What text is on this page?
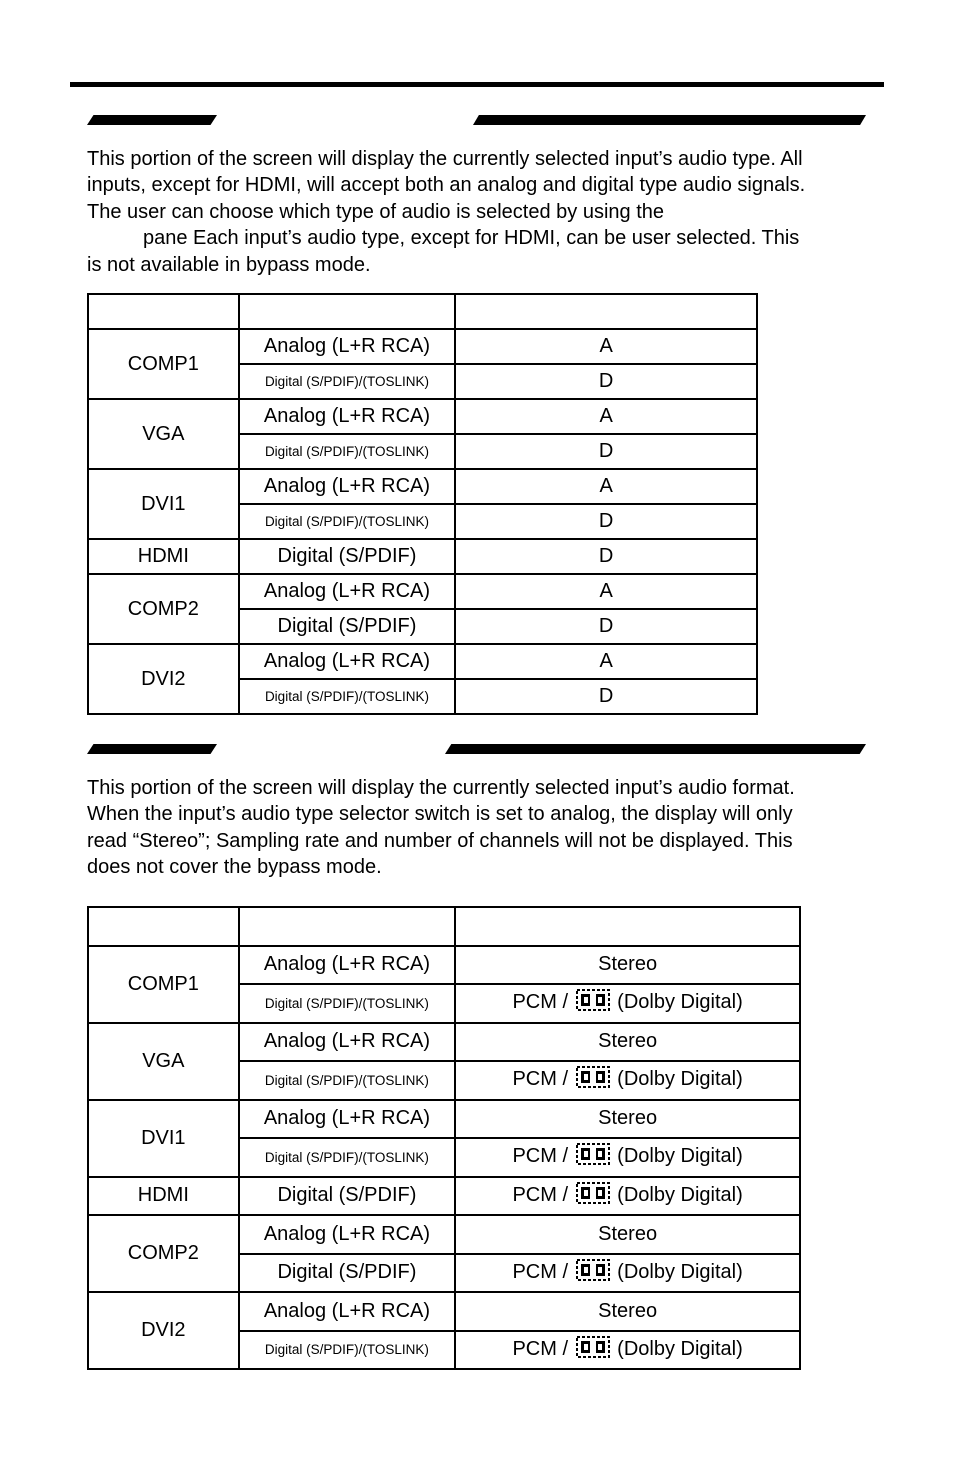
This portion of the screen will display the currently selected input’s audio type. All
inputs, except for HDMI, will accept both an analog and digital type audio signals.
The user can choose which type of audio is selected by using the
pane Each input’s audio type, except for HDMI, can be user selected. This
is not available in bypass mode.

COMP1	Analog (L+R RCA)	A
	Digital (S/PDIF)/(TOSLINK)	D
VGA	Analog (L+R RCA)	A
	Digital (S/PDIF)/(TOSLINK)	D
DVI1	Analog (L+R RCA)	A
	Digital (S/PDIF)/(TOSLINK)	D
HDMI	Digital (S/PDIF)	D
COMP2	Analog (L+R RCA)	A
	Digital (S/PDIF)	D
DVI2	Analog (L+R RCA)	A
	Digital (S/PDIF)/(TOSLINK)	D

This portion of the screen will display the currently selected input’s audio format.
When the input’s audio type selector switch is set to analog, the display will only
read “Stereo”; Sampling rate and number of channels will not be displayed. This
does not cover the bypass mode.

COMP1	Analog (L+R RCA)	Stereo
	Digital (S/PDIF)/(TOSLINK)	PCM / (Dolby Digital)
VGA	Analog (L+R RCA)	Stereo
	Digital (S/PDIF)/(TOSLINK)	PCM / (Dolby Digital)
DVI1	Analog (L+R RCA)	Stereo
	Digital (S/PDIF)/(TOSLINK)	PCM / (Dolby Digital)
HDMI	Digital (S/PDIF)	PCM / (Dolby Digital)
COMP2	Analog (L+R RCA)	Stereo
	Digital (S/PDIF)	PCM / (Dolby Digital)
DVI2	Analog (L+R RCA)	Stereo
	Digital (S/PDIF)/(TOSLINK)	PCM / (Dolby Digital)
